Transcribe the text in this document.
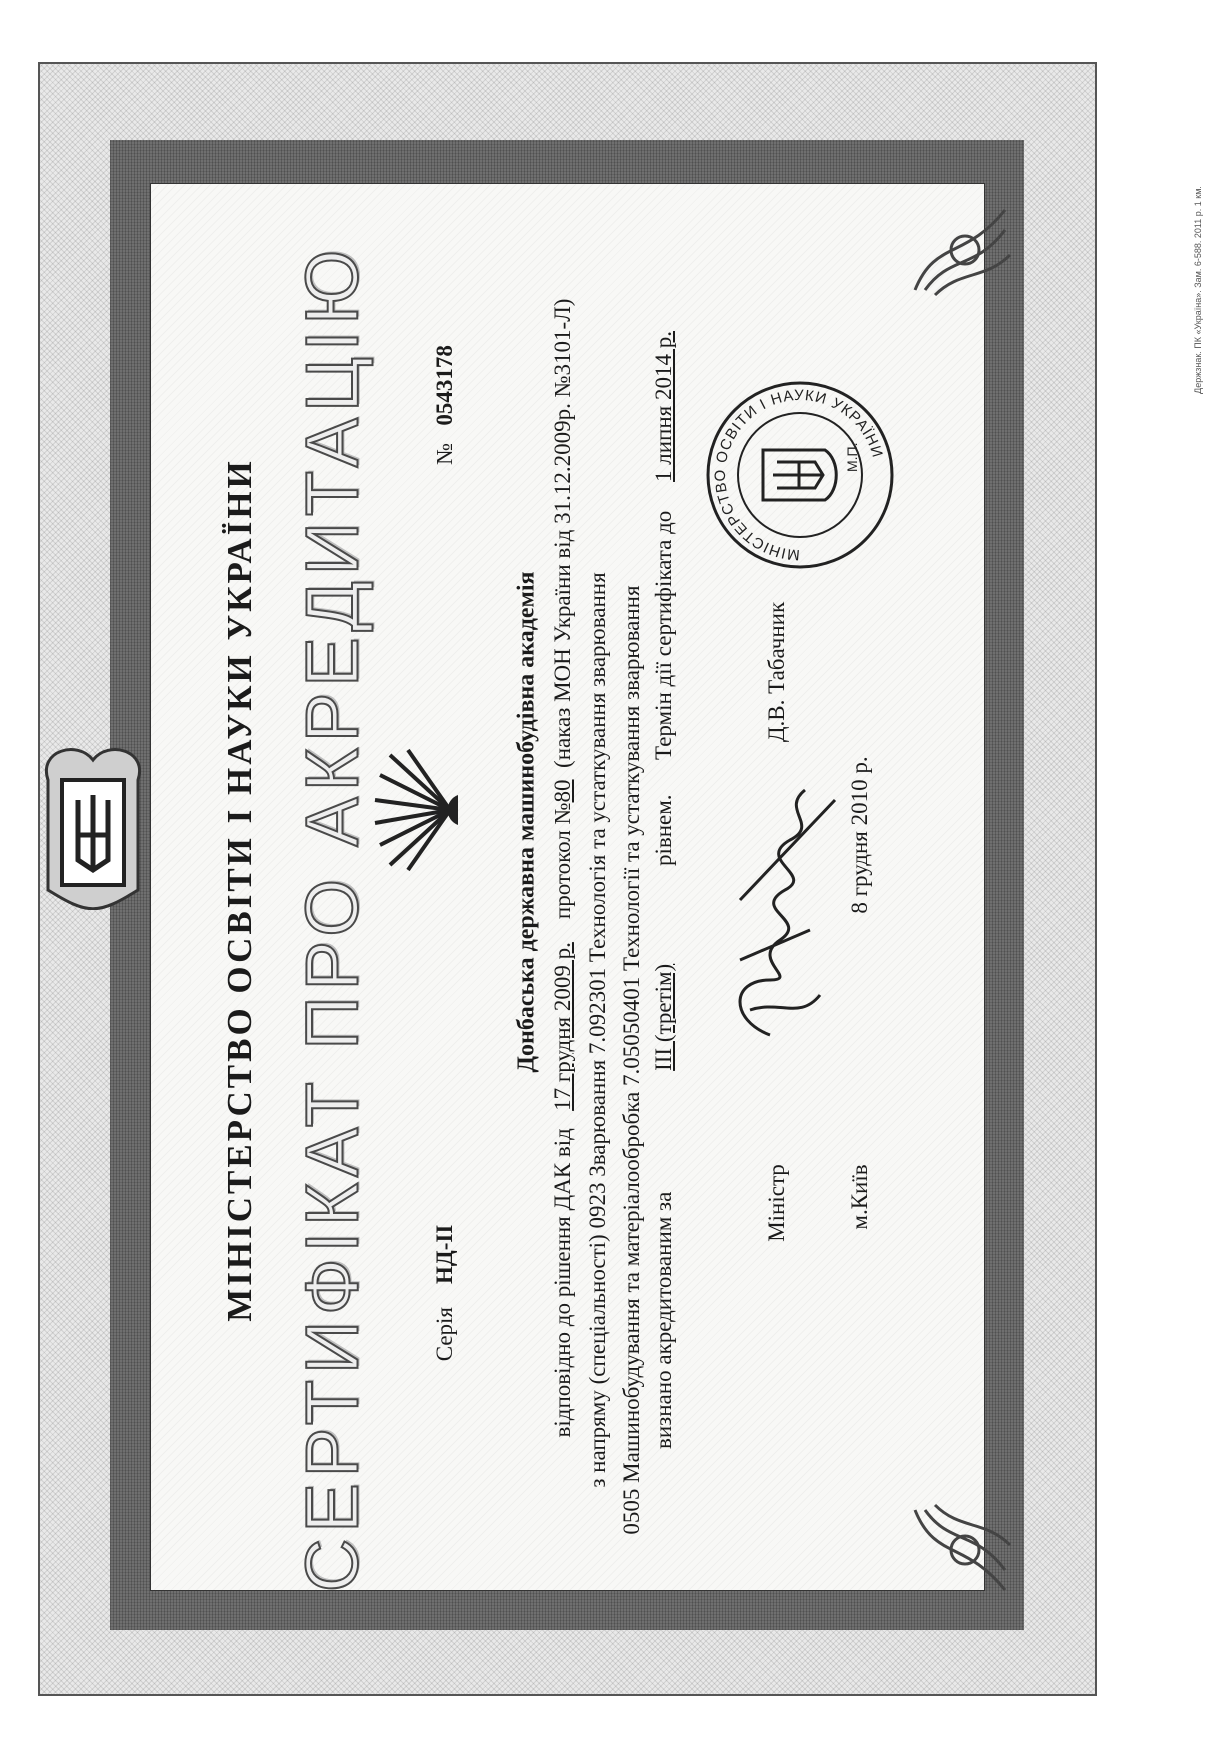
МІНІСТЕРСТВО ОСВІТИ І НАУКИ УКРАЇНИ СЕРТИФІКАТ ПРО АКРЕДИТАЦІЮ	Серія    НД-ІІ
№   0543178
Донбаська державна машинобудівна академія
відповідно до рішення ДАК від   17 грудня 2009 р.    протокол №80  (наказ МОН України від 31.12.2009р. №3101-Л)
з напряму (спеціальності) 0923 Зварювання 7.092301 Технологія та устаткування зварювання 0505 Машинобудування та матеріалообробка 7.05050401 Технології та устаткування зварювання визнано акредитованим за                     ІІІ (третім)                 рівнем.      Термін дії сертифіката до     1 липня 2014 р.
Міністр
Д.В. Табачник
м.Київ
8 грудня 2010 р.
МІНІСТЕРСТВО ОСВІТИ І НАУКИ УКРАЇНИ
М.П.
Держзнак. ПК «Україна». Зам. 6-588. 2011 р. 1 км.
